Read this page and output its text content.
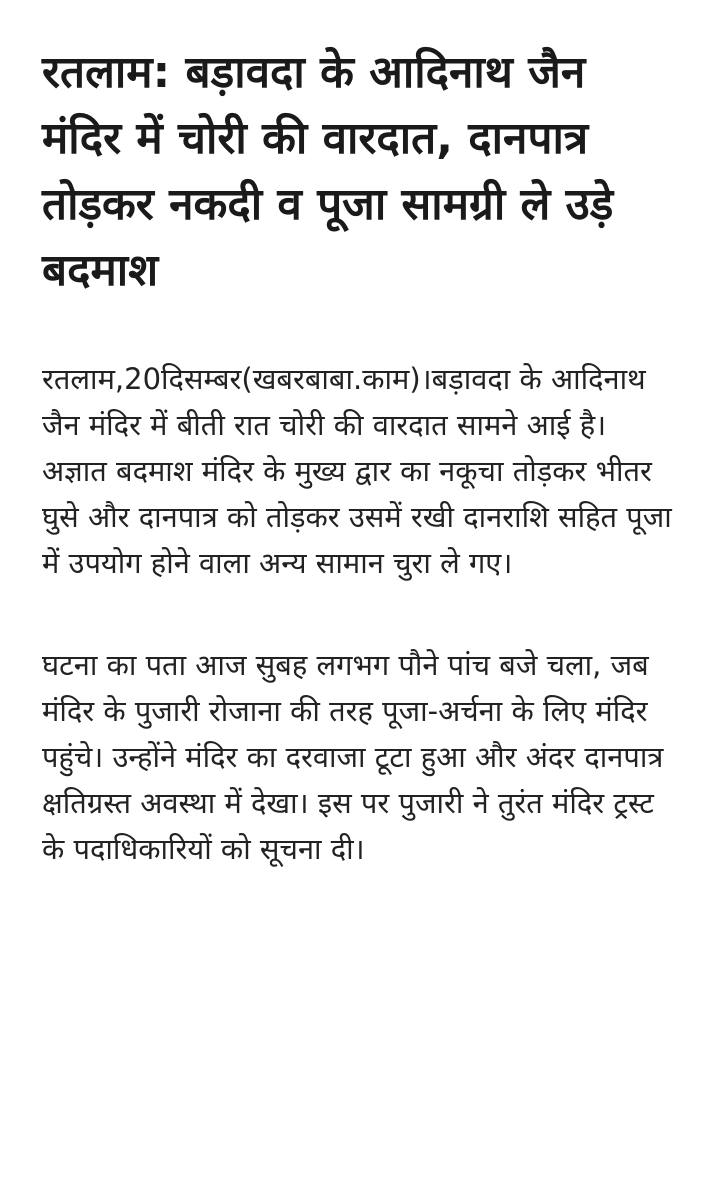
रतलाम: बड़ावदा के आदिनाथ जैन मंदिर में चोरी की वारदात, दानपात्र तोड़कर नकदी व पूजा सामग्री ले उड़े बदमाश

रतलाम,20दिसम्बर(खबरबाबा.काम)।बड़ावदा के आदिनाथ जैन मंदिर में बीती रात चोरी की वारदात सामने आई है। अज्ञात बदमाश मंदिर के मुख्य द्वार का नकूचा तोड़कर भीतर घुसे और दानपात्र को तोड़कर उसमें रखी दानराशि सहित पूजा में उपयोग होने वाला अन्य सामान चुरा ले गए।

घटना का पता आज सुबह लगभग पौने पांच बजे चला, जब मंदिर के पुजारी रोजाना की तरह पूजा-अर्चना के लिए मंदिर पहुंचे। उन्होंने मंदिर का दरवाजा टूटा हुआ और अंदर दानपात्र क्षतिग्रस्त अवस्था में देखा। इस पर पुजारी ने तुरंत मंदिर ट्रस्ट के पदाधिकारियों को सूचना दी।
